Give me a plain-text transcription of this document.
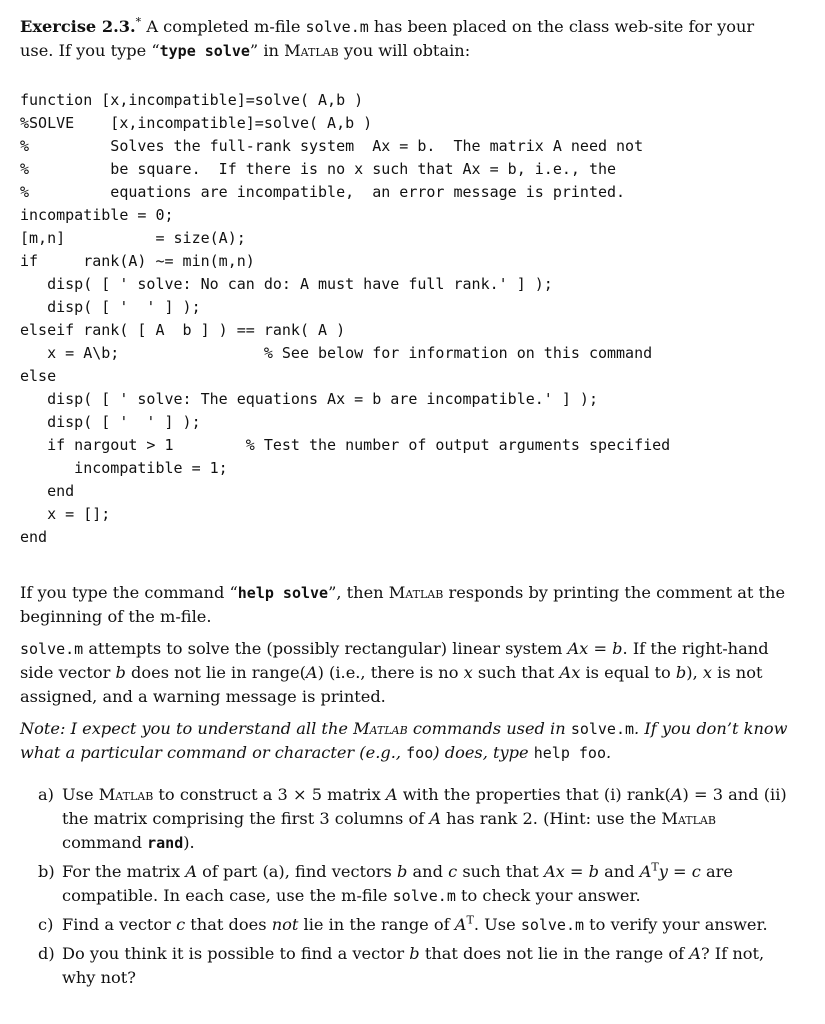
Exercise 2.3.* A completed m-file solve.m has been placed on the class web-site for your use. If you type “type solve” in Matlab you will obtain:

function [x,incompatible]=solve( A,b )
%SOLVE    [x,incompatible]=solve( A,b )
%         Solves the full-rank system  Ax = b.  The matrix A need not
%         be square.  If there is no x such that Ax = b, i.e., the
%         equations are incompatible,  an error message is printed.
incompatible = 0;
[m,n]          = size(A);
if     rank(A) ~= min(m,n)
disp( [ ' solve: No can do: A must have full rank.' ] );
disp( [ '  ' ] );
elseif rank( [ A  b ] ) == rank( A )
x = A\b;                % See below for information on this command
else
disp( [ ' solve: The equations Ax = b are incompatible.' ] );
disp( [ '  ' ] );
if nargout > 1        % Test the number of output arguments specified
incompatible = 1;
end
x = [];
end

If you type the command “help solve”, then Matlab responds by printing the comment at the beginning of the m-file.

solve.m attempts to solve the (possibly rectangular) linear system Ax = b. If the right-hand side vector b does not lie in range(A) (i.e., there is no x such that Ax is equal to b), x is not assigned, and a warning message is printed.

Note: I expect you to understand all the Matlab commands used in solve.m. If you don’t know what a particular command or character (e.g., foo) does, type help foo.

a) Use Matlab to construct a 3 × 5 matrix A with the properties that (i) rank(A) = 3 and (ii) the matrix comprising the first 3 columns of A has rank 2. (Hint: use the Matlab command rand).
b) For the matrix A of part (a), find vectors b and c such that Ax = b and $A^Ty = c$ are compatible. In each case, use the m-file solve.m to check your answer.
c) Find a vector c that does not lie in the range of $A^T$. Use solve.m to verify your answer.
d) Do you think it is possible to find a vector b that does not lie in the range of A? If not, why not?
